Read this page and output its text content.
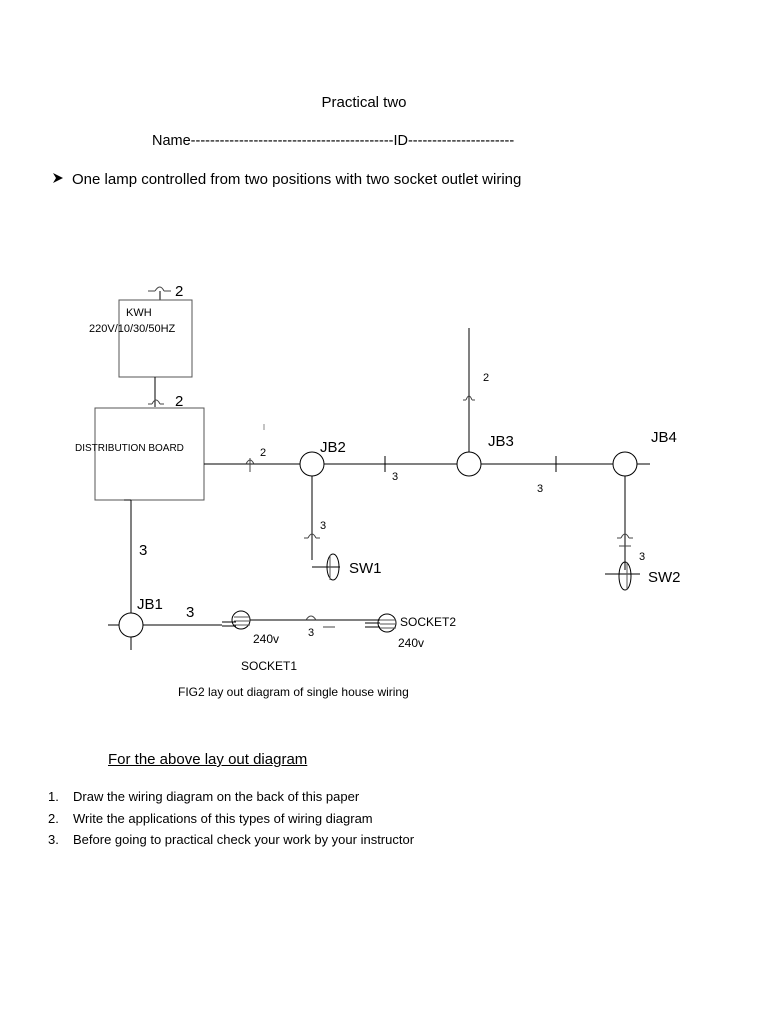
Practical two
Name------------------------------------------ID----------------------
One lamp controlled from two positions with two socket outlet wiring
2
KWH
220V/10/30/50HZ
2
DISTRIBUTION BOARD	2	JB2
3
JB3
2
3
JB4
3
SW1
3
SW2
3
JB1 3
240v	3
SOCKET1
SOCKET2
240v
FIG2 lay out diagram of single house wiring
For the above lay out diagram
1. Draw the wiring diagram on the back of this paper
2. Write the applications of this types of wiring diagram
3. Before going to practical check your work by your instructor
